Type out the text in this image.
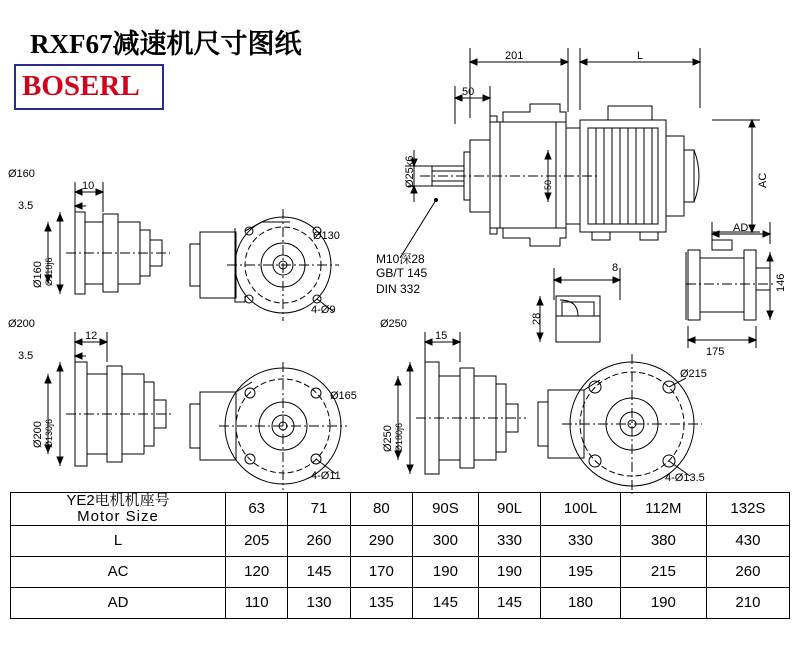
RXF67减速机尺寸图纸
BOSERL
201	L
50
Ø25k6	50	AC
M10深28
GB/T 145
DIN 332
8
28
AD
146
175
Ø160
10
3.5
Ø160 Ø110j6
Ø130
4-Ø9
Ø200
12
3.5
Ø200 Ø130j6
Ø165
4-Ø11
Ø250
15
Ø250 Ø180j6
Ø215
4-Ø13.5
YE2电机机座号
Motor Size	63	71	80	90S	90L	100L	112M	132S
L	205	260	290	300	330	330	380	430
AC	120	145	170	190	190	195	215	260
AD	110	130	135	145	145	180	190	210
